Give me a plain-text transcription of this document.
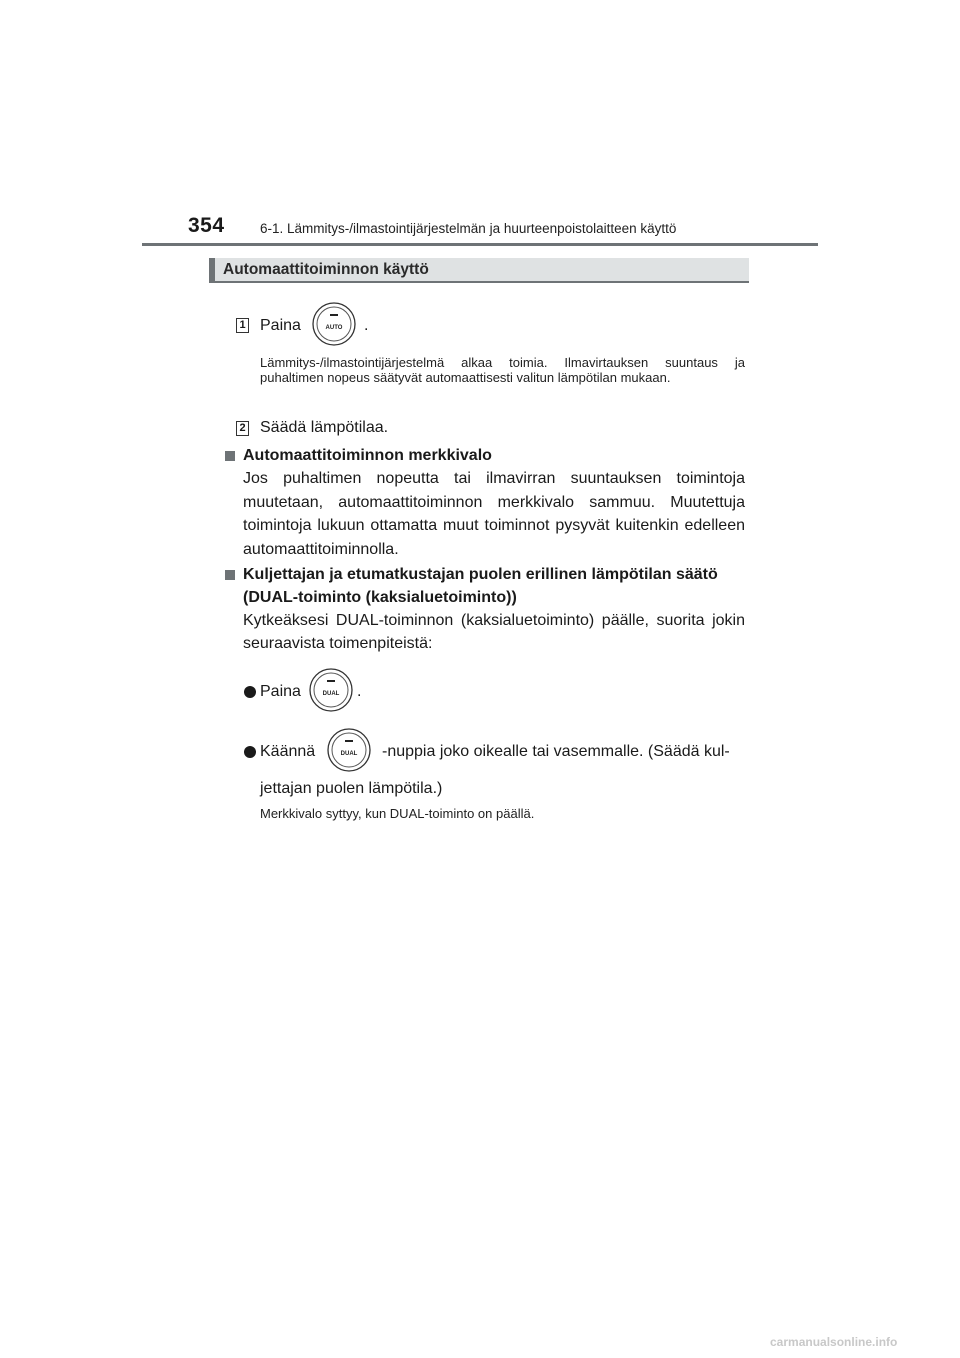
354	6-1. Lämmitys-/ilmastointijärjestelmän ja huurteenpoistolaitteen käyttö
Automaattitoiminnon käyttö
1 Paina	AUTO .
Lämmitys-/ilmastointijärjestelmä alkaa toimia. Ilmavirtauksen suuntaus ja puhaltimen nopeus säätyvät automaattisesti valitun lämpötilan mukaan.
2 Säädä lämpötilaa.
Automaattitoiminnon merkkivalo
Jos puhaltimen nopeutta tai ilmavirran suuntauksen toimintoja muutetaan, automaattitoiminnon merkkivalo sammuu. Muutettuja toimintoja lukuun ottamatta muut toiminnot pysyvät kuitenkin edelleen automaattitoiminnolla.
Kuljettajan ja etumatkustajan puolen erillinen lämpötilan säätö
(DUAL-toiminto (kaksialuetoiminto))
Kytkeäksesi DUAL-toiminnon (kaksialuetoiminto) päälle, suorita jokin seuraavista toimenpiteistä:
Paina	DUAL .
Käännä	DUAL -nuppia joko oikealle tai vasemmalle. (Säädä kul-
jettajan puolen lämpötila.)
Merkkivalo syttyy, kun DUAL-toiminto on päällä.
carmanualsonline.info
